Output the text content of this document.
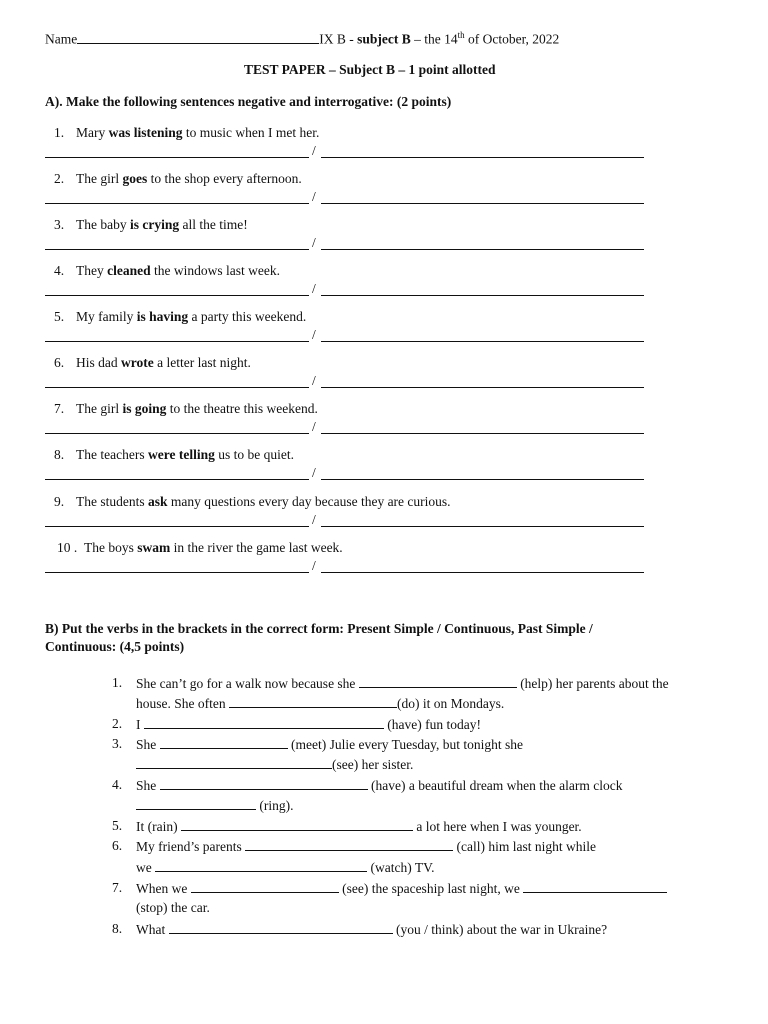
Name	IX B - subject B – the 14th of October, 2022
TEST PAPER – Subject B – 1 point allotted
A). Make the following sentences negative and interrogative: (2 points)
1. Mary was listening to music when I met her.
/
2. The girl goes to the shop every afternoon.
/
3. The baby is crying all the time!
/
4. They cleaned the windows last week.
/
5. My family is having a party this weekend.
/
6. His dad wrote a letter last night.
/
7. The girl is going to the theatre this weekend.
/
8. The teachers were telling us to be quiet.
/
9. The students ask many questions every day because they are curious.
/
10 . The boys swam in the river the game last week.
/
B) Put the verbs in the brackets in the correct form: Present Simple / Continuous, Past Simple /
Continuous: (4,5 points)
1.
2.
3.
4.
5.
6.
7.
8.
She can’t go for a walk now because she	(help) her parents about the
house. She often	(do) it on Mondays.
I	(have) fun today!
She	(meet) Julie every Tuesday, but tonight she
(see) her sister.
She	(have) a beautiful dream when the alarm clock
(ring).
It (rain)	a lot here when I was younger.
My friend’s parents	(call) him last night while
we	(watch) TV.
When we	(see) the spaceship last night, we
(stop) the car.
What	(you / think) about the war in Ukraine?
